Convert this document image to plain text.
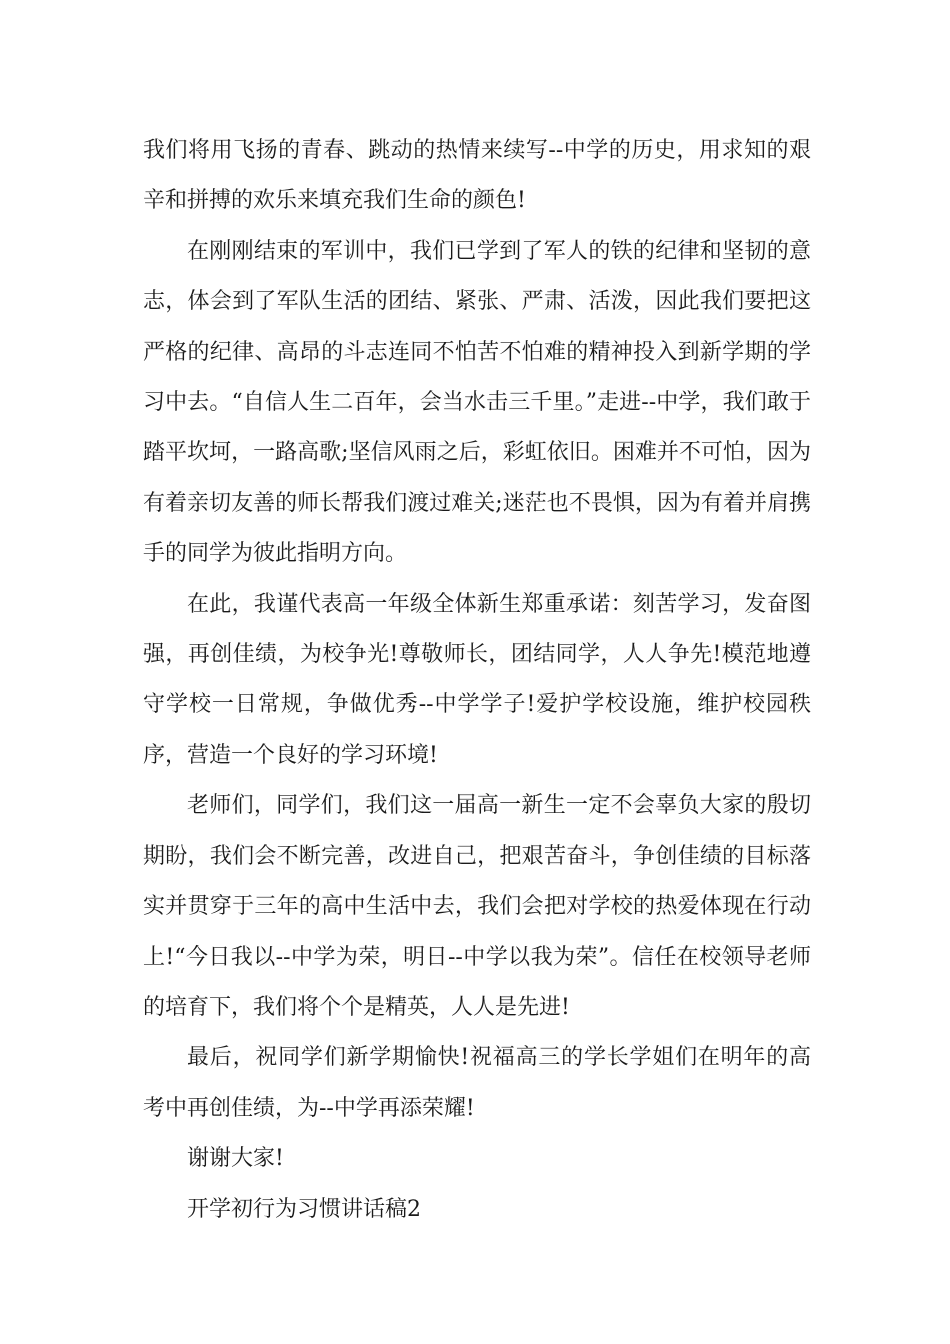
我们将用飞扬的青春、跳动的热情来续写--中学的历史，用求知的艰辛和拼搏的欢乐来填充我们生命的颜色!

在刚刚结束的军训中，我们已学到了军人的铁的纪律和坚韧的意志，体会到了军队生活的团结、紧张、严肃、活泼，因此我们要把这严格的纪律、高昂的斗志连同不怕苦不怕难的精神投入到新学期的学习中去。“自信人生二百年，会当水击三千里。”走进--中学，我们敢于踏平坎坷，一路高歌;坚信风雨之后，彩虹依旧。困难并不可怕，因为有着亲切友善的师长帮我们渡过难关;迷茫也不畏惧，因为有着并肩携手的同学为彼此指明方向。

在此，我谨代表高一年级全体新生郑重承诺：刻苦学习，发奋图强，再创佳绩，为校争光!尊敬师长，团结同学，人人争先!模范地遵守学校一日常规，争做优秀--中学学子!爱护学校设施，维护校园秩序，营造一个良好的学习环境!

老师们，同学们，我们这一届高一新生一定不会辜负大家的殷切期盼，我们会不断完善，改进自己，把艰苦奋斗，争创佳绩的目标落实并贯穿于三年的高中生活中去，我们会把对学校的热爱体现在行动上!“今日我以--中学为荣，明日--中学以我为荣”。信任在校领导老师的培育下，我们将个个是精英，人人是先进!

最后，祝同学们新学期愉快!祝福高三的学长学姐们在明年的高考中再创佳绩，为--中学再添荣耀!

谢谢大家!

开学初行为习惯讲话稿2
